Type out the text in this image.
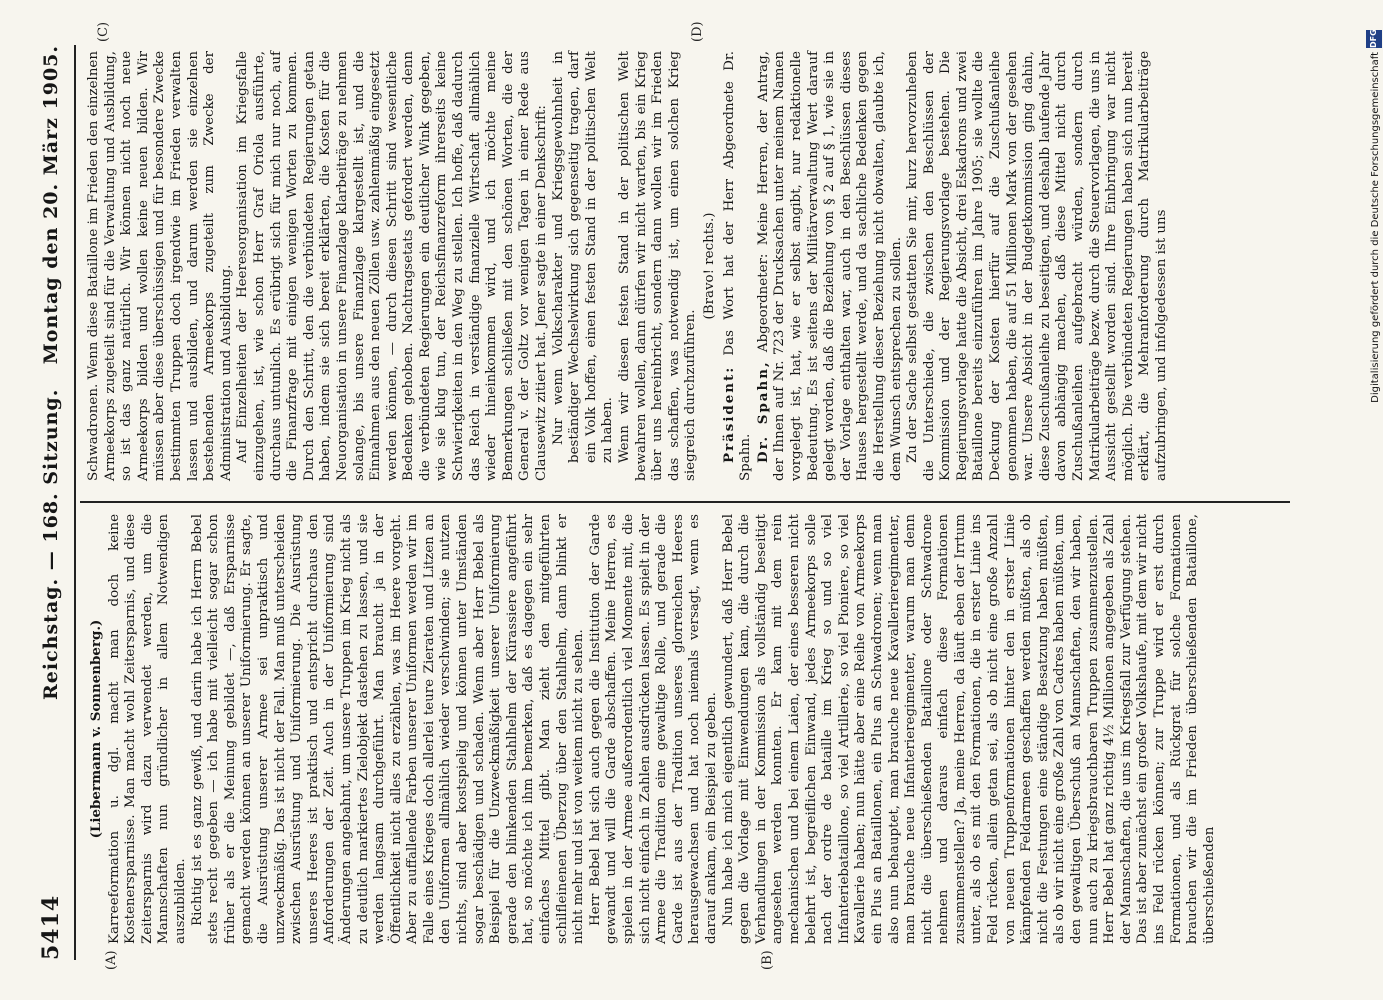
5414
Reichstag. — 168. Sitzung.
Montag den 20. März 1905.
(A)	(B)
(C)	(D)

(Liebermann v. Sonnenberg.) Karreeformation u. dgl. macht man doch keine Kostenersparnisse. Man macht wohl Zeitersparnis, und diese Zeitersparnis wird dazu verwendet werden, um die Mannschaften nun gründlicher in allem Notwendigen auszubilden. Richtig ist es ganz gewiß, und darin habe ich Herrn Bebel stets recht gegeben — ich habe mit vielleicht sogar schon früher als er die Meinung gebildet —, daß Ersparnisse gemacht werden können an unserer Uniformierung. Er sagte, die Ausrüstung unserer Armee sei unpraktisch und unzweckmäßig. Das ist nicht der Fall. Man muß unterscheiden zwischen Ausrüstung und Uniformierung. Die Ausrüstung unseres Heeres ist praktisch und entspricht durchaus den Anforderungen der Zeit. Auch in der Uniformierung sind Änderungen angebahnt, um unsere Truppen im Krieg nicht als zu deutlich markiertes Zielobjekt dastehen zu lassen, und sie werden langsam durchgeführt. Man braucht ja in der Öffentlichkeit nicht alles zu erzählen, was im Heere vorgeht. Aber zu auffallende Farben unserer Uniformen werden wir im Falle eines Krieges doch allerlei teure Zieraten und Litzen an den Uniformen allmählich wieder verschwinden; sie nutzen nichts, sind aber kostspielig und können unter Umständen sogar beschädigen und schaden. Wenn aber Herr Bebel als Beispiel für die Unzweckmäßigkeit unserer Uniformierung gerade den blinkenden Stahlhelm der Kürassiere angeführt hat, so möchte ich ihm bemerken, daß es dagegen ein sehr einfaches Mittel gibt. Man zieht den mitgeführten schilfleinenen Überzug über den Stahlhelm, dann blinkt er nicht mehr und ist von weitem nicht zu sehen. Herr Bebel hat sich auch gegen die Institution der Garde gewandt und will die Garde abschaffen. Meine Herren, es spielen in der Armee außerordentlich viel Momente mit, die sich nicht einfach in Zahlen ausdrücken lassen. Es spielt in der Armee die Tradition eine gewaltige Rolle, und gerade die Garde ist aus der Tradition unseres glorreichen Heeres herausgewachsen und hat noch niemals versagt, wenn es darauf ankam, ein Beispiel zu geben. Nun habe ich mich eigentlich gewundert, daß Herr Bebel gegen die Vorlage mit Einwendungen kam, die durch die Verhandlungen in der Kommission als vollständig beseitigt angesehen werden konnten. Er kam mit dem rein mechanischen und bei einem Laien, der eines besseren nicht belehrt ist, begreiflichen Einwand, jedes Armeekorps solle nach der ordre de bataille im Krieg so und so viel Infanteriebataillone, so viel Artillerie, so viel Pioniere, so viel Kavallerie haben; nun hätte aber eine Reihe von Armeekorps ein Plus an Bataillonen, ein Plus an Schwadronen; wenn man also nun behauptet, man brauche neue Kavallerieregimenter, man brauche neue Infanterieregimenter, warum man denn nicht die überschießenden Bataillone oder Schwadrone nehmen und daraus einfach diese Formationen zusammenstellen? Ja, meine Herren, da läuft eben der Irrtum unter, als ob es mit den Formationen, die in erster Linie ins Feld rücken, allein getan sei, als ob nicht eine große Anzahl von neuen Truppenformationen hinter den in erster Linie kämpfenden Feldarmeen geschaffen werden müßten, als ob nicht die Festungen eine ständige Besatzung haben müßten, als ob wir nicht eine große Zahl von Cadres haben müßten, um den gewaltigen Überschuß an Mannschaften, den wir haben, nun auch zu kriegsbrauchbaren Truppen zusammenzustellen. Herr Bebel hat ganz richtig 4½ Millionen angegeben als Zahl der Mannschaften, die uns im Kriegsfall zur Verfügung stehen. Das ist aber zunächst ein großer Volkshaufe, mit dem wir nicht ins Feld rücken können; zur Truppe wird er erst durch Formationen, und als Rückgrat für solche Formationen brauchen wir die im Frieden überschießenden Bataillone, überschießenden

Schwadronen. Wenn diese Bataillone im Frieden den einzelnen Armeekorps zugeteilt sind für die Verwaltung und Ausbildung, so ist das ganz natürlich. Wir können nicht noch neue Armeekorps bilden und wollen keine neuen bilden. Wir müssen aber diese überschüssigen und für besondere Zwecke bestimmten Truppen doch irgendwie im Frieden verwalten lassen und ausbilden, und darum werden sie einzelnen bestehenden Armeekorps zugeteilt zum Zwecke der Administration und Ausbildung. Auf Einzelheiten der Heeresorganisation im Kriegsfalle einzugehen, ist, wie schon Herr Graf Oriola ausführte, durchaus untunlich. Es erübrigt sich für mich nur noch, auf die Finanzfrage mit einigen wenigen Worten zu kommen. Durch den Schritt, den die verbündeten Regierungen getan haben, indem sie sich bereit erklärten, die Kosten für die Neuorganisation in unsere Finanzlage klarbeiträge zu nehmen solange, bis unsere Finanzlage klargestellt ist, und die Einnahmen aus den neuen Zöllen usw. zahlenmäßig eingesetzt werden können, — durch diesen Schritt sind wesentliche Bedenken gehoben. Nachtragsetats gefordert werden, denn die verbündeten Regierungen ein deutlicher Wink gegeben, wie sie klug tun, der Reichsfinanzreform ihrerseits keine Schwierigkeiten in den Weg zu stellen. Ich hoffe, daß dadurch das Reich in verständige finanzielle Wirtschaft allmählich wieder hineinkommen wird, und ich möchte meine Bemerkungen schließen mit den schönen Worten, die der General v. der Goltz vor wenigen Tagen in einer Rede aus Clausewitz zitiert hat. Jener sagte in einer Denkschrift: Nur wenn Volkscharakter und Kriegsgewohnheit in beständiger Wechselwirkung sich gegenseitig tragen, darf ein Volk hoffen, einen festen Stand in der politischen Welt zu haben. Wenn wir diesen festen Stand in der politischen Welt bewahren wollen, dann dürfen wir nicht warten, bis ein Krieg über uns hereinbricht, sondern dann wollen wir im Frieden das schaffen, was notwendig ist, um einen solchen Krieg siegreich durchzuführen.

(Bravo! rechts.)

Präsident: Das Wort hat der Herr Abgeordnete Dr. Spahn. Dr. Spahn, Abgeordneter: Meine Herren, der Antrag, der Ihnen auf Nr. 723 der Drucksachen unter meinem Namen vorgelegt ist, hat, wie er selbst angibt, nur redaktionelle Bedeutung. Es ist seitens der Militärverwaltung Wert darauf gelegt worden, daß die Beziehung von § 2 auf § 1, wie sie in der Vorlage enthalten war, auch in den Beschlüssen dieses Hauses hergestellt werde, und da sachliche Bedenken gegen die Herstellung dieser Beziehung nicht obwalten, glaubte ich, dem Wunsch entsprechen zu sollen. Zu der Sache selbst gestatten Sie mir, kurz hervorzuheben die Unterschiede, die zwischen den Beschlüssen der Kommission und der Regierungsvorlage bestehen. Die Regierungsvorlage hatte die Absicht, drei Eskadrons und zwei Bataillone bereits einzuführen im Jahre 1905; sie wollte die Deckung der Kosten hierfür auf die Zuschußanleihe genommen haben, die auf 51 Millionen Mark von der gesehen war. Unsere Absicht in der Budgetkommission ging dahin, diese Zuschußanleihe zu beseitigen, und deshalb laufende Jahr davon abhängig machen, daß diese Mittel nicht durch Zuschußanleihen aufgebracht würden, sondern durch Matrikularbeiträge bezw. durch die Steuervorlagen, die uns in Aussicht gestellt worden sind. Ihre Einbringung war nicht möglich. Die verbündeten Regierungen haben sich nun bereit erklärt, die Mehranforderung durch Matrikularbeiträge aufzubringen, und infolgedessen ist uns	Digitalisierung gefördert durch die Deutsche Forschungsgemeinschaft
DFG
